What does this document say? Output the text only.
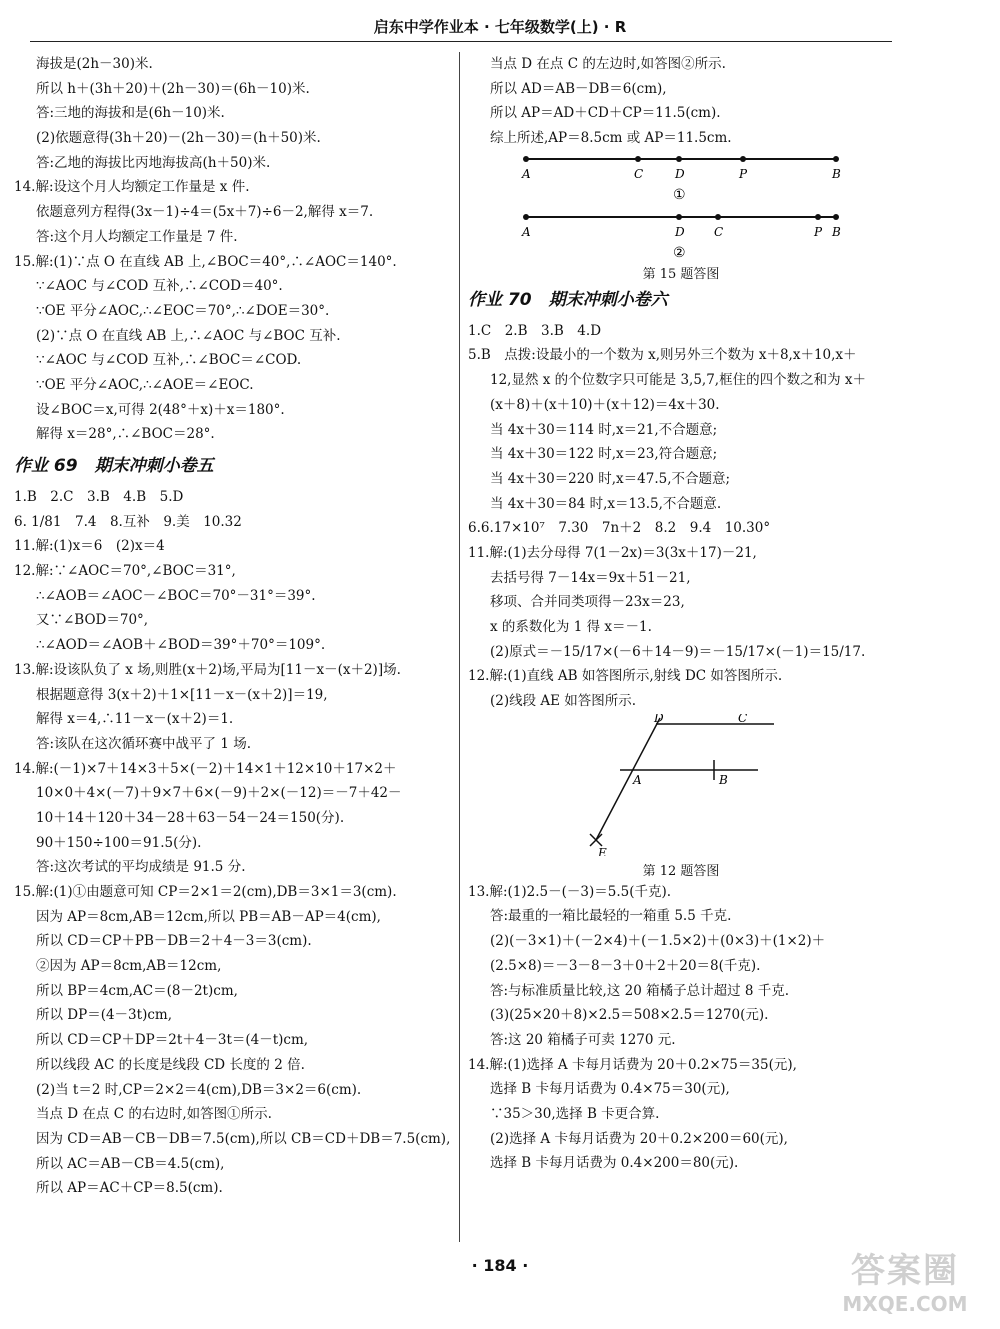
启东中学作业本 · 七年级数学(上) · R
海拔是(2h－30)米.
所以 h＋(3h＋20)＋(2h－30)＝(6h－10)米.
答:三地的海拔和是(6h－10)米.
(2)依题意得(3h＋20)－(2h－30)＝(h＋50)米.
答:乙地的海拔比丙地海拔高(h＋50)米.
14.解:设这个月人均额定工作量是 x 件.
依题意列方程得(3x－1)÷4＝(5x＋7)÷6－2,解得 x＝7.
答:这个月人均额定工作量是 7 件.
15.解:(1)∵点 O 在直线 AB 上,∠BOC＝40°,∴∠AOC＝140°.
∵∠AOC 与∠COD 互补,∴∠COD＝40°.
∵OE 平分∠AOC,∴∠EOC＝70°,∴∠DOE＝30°.
(2)∵点 O 在直线 AB 上,∴∠AOC 与∠BOC 互补.
∵∠AOC 与∠COD 互补,∴∠BOC＝∠COD.
∵OE 平分∠AOC,∴∠AOE＝∠EOC.
设∠BOC＝x,可得 2(48°＋x)＋x＝180°.
解得 x＝28°,∴∠BOC＝28°.
作业 69　期末冲刺小卷五
1.B　2.C　3.B　4.B　5.D
6. 1/81　7.4　8.互补　9.美　10.32
11.解:(1)x＝6　(2)x＝4
12.解:∵∠AOC＝70°,∠BOC＝31°,
∴∠AOB＝∠AOC－∠BOC＝70°－31°＝39°.
又∵∠BOD＝70°,
∴∠AOD＝∠AOB＋∠BOD＝39°＋70°＝109°.
13.解:设该队负了 x 场,则胜(x＋2)场,平局为[11－x－(x＋2)]场.
根据题意得 3(x＋2)＋1×[11－x－(x＋2)]＝19,
解得 x＝4,∴11－x－(x＋2)＝1.
答:该队在这次循环赛中战平了 1 场.
14.解:(－1)×7＋14×3＋5×(－2)＋14×1＋12×10＋17×2＋
10×0＋4×(－7)＋9×7＋6×(－9)＋2×(－12)＝－7＋42－
10＋14＋120＋34－28＋63－54－24＝150(分).
90＋150÷100＝91.5(分).
答:这次考试的平均成绩是 91.5 分.
15.解:(1)①由题意可知 CP＝2×1＝2(cm),DB＝3×1＝3(cm).
因为 AP＝8cm,AB＝12cm,所以 PB＝AB－AP＝4(cm),
所以 CD＝CP＋PB－DB＝2＋4－3＝3(cm).
②因为 AP＝8cm,AB＝12cm,
所以 BP＝4cm,AC＝(8－2t)cm,
所以 DP＝(4－3t)cm,
所以 CD＝CP＋DP＝2t＋4－3t＝(4－t)cm,
所以线段 AC 的长度是线段 CD 长度的 2 倍.
(2)当 t＝2 时,CP＝2×2＝4(cm),DB＝3×2＝6(cm).
当点 D 在点 C 的右边时,如答图①所示.
因为 CD＝AB－CB－DB＝7.5(cm),所以 CB＝CD＋DB＝7.5(cm),
所以 AC＝AB－CB＝4.5(cm),
所以 AP＝AC＋CP＝8.5(cm).
当点 D 在点 C 的左边时,如答图②所示.
所以 AD＝AB－DB＝6(cm),
所以 AP＝AD＋CD＋CP＝11.5(cm).
综上所述,AP＝8.5cm 或 AP＝11.5cm.
A	C	D	P	B
①
A	D C	P B
②
第 15 题答图
作业 70　期末冲刺小卷六
1.C　2.B　3.B　4.D
5.B　点拨:设最小的一个数为 x,则另外三个数为 x＋8,x＋10,x＋
12,显然 x 的个位数字只可能是 3,5,7,框住的四个数之和为 x＋
(x＋8)＋(x＋10)＋(x＋12)＝4x＋30.
当 4x＋30＝114 时,x＝21,不合题意;
当 4x＋30＝122 时,x＝23,符合题意;
当 4x＋30＝220 时,x＝47.5,不合题意;
当 4x＋30＝84 时,x＝13.5,不合题意.
6.6.17×10⁷　7.30　7n＋2　8.2　9.4　10.30°
11.解:(1)去分母得 7(1－2x)＝3(3x＋17)－21,
去括号得 7－14x＝9x＋51－21,
移项、合并同类项得－23x＝23,
x 的系数化为 1 得 x＝－1.
(2)原式＝－15/17×(－6＋14－9)＝－15/17×(－1)＝15/17.
12.解:(1)直线 AB 如答图所示,射线 DC 如答图所示.
(2)线段 AE 如答图所示.
D	C
A	B
E
第 12 题答图
13.解:(1)2.5－(－3)＝5.5(千克).
答:最重的一箱比最轻的一箱重 5.5 千克.
(2)(－3×1)＋(－2×4)＋(－1.5×2)＋(0×3)＋(1×2)＋
(2.5×8)＝－3－8－3＋0＋2＋20＝8(千克).
答:与标准质量比较,这 20 箱橘子总计超过 8 千克.
(3)(25×20＋8)×2.5＝508×2.5＝1270(元).
答:这 20 箱橘子可卖 1270 元.
14.解:(1)选择 A 卡每月话费为 20＋0.2×75＝35(元),
选择 B 卡每月话费为 0.4×75＝30(元),
∵35＞30,选择 B 卡更合算.
(2)选择 A 卡每月话费为 20＋0.2×200＝60(元),
选择 B 卡每月话费为 0.4×200＝80(元).
· 184 ·	答案圈
MXQE.COM
